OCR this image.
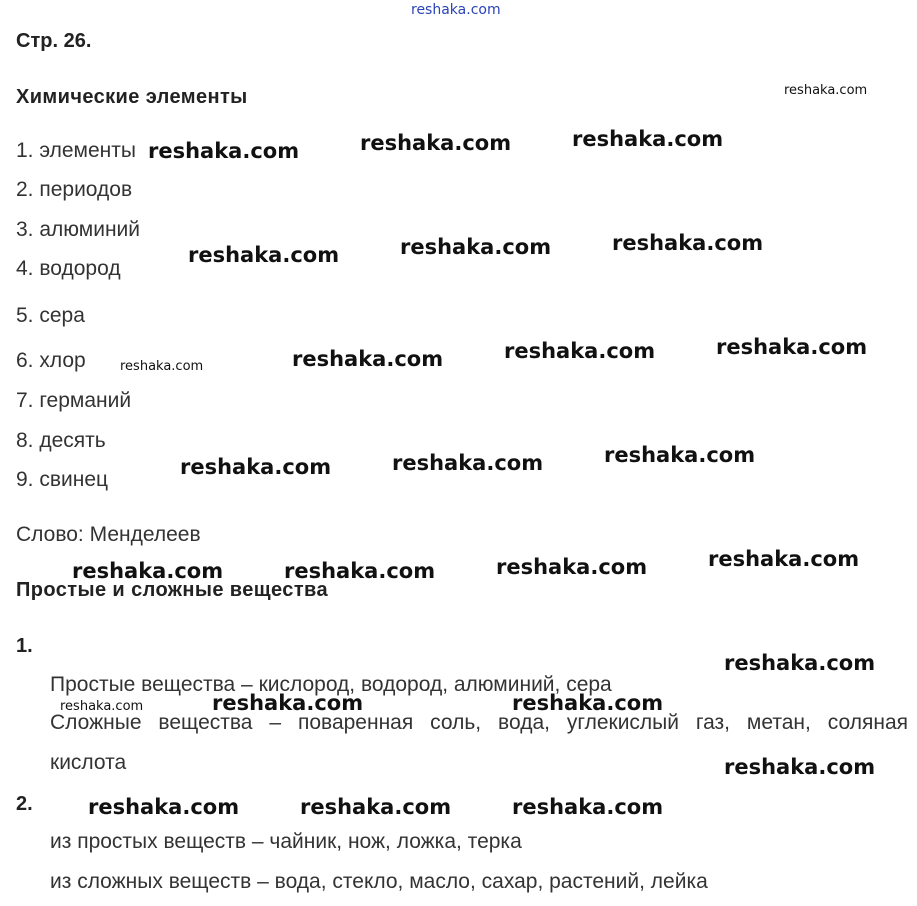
reshaka.com
Стр. 26.
Химические элементы
1. элементы
2. периодов
3. алюминий
4. водород
5. сера
6. хлор
7. германий
8. десять
9. свинец
Слово: Менделеев
Простые и сложные вещества
1.
Простые вещества – кислород, водород, алюминий, сера
Сложные вещества – поваренная соль, вода, углекислый газ, метан, соляная
кислота
2.
из простых веществ – чайник, нож, ложка, терка
из сложных веществ – вода, стекло, масло, сахар, растений, лейка
reshaka.com
reshaka.com	reshaka.com	reshaka.com
reshaka.com	reshaka.com	reshaka.com
reshaka.com	reshaka.com	reshaka.com	reshaka.com
reshaka.com	reshaka.com	reshaka.com
reshaka.com	reshaka.com	reshaka.com	reshaka.com
reshaka.com
reshaka.com	reshaka.com	reshaka.com
reshaka.com
reshaka.com	reshaka.com	reshaka.com
